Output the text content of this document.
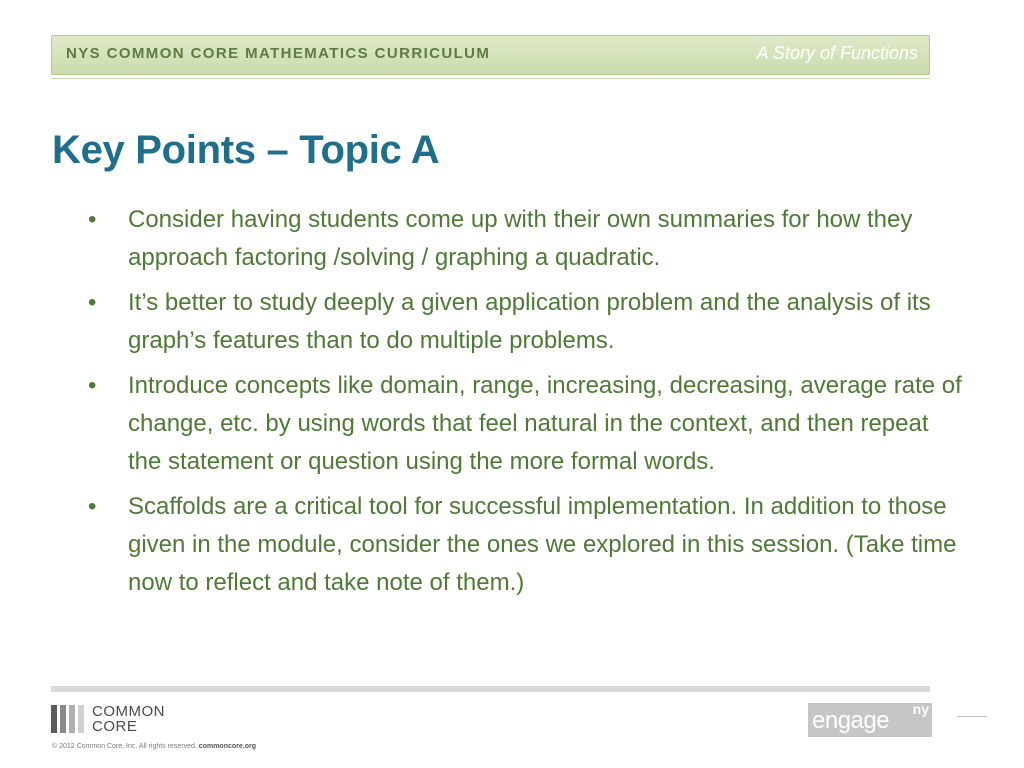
NYS COMMON CORE MATHEMATICS CURRICULUM	A Story of Functions
Key Points – Topic A
•	Consider having students come up with their own summaries for how they approach factoring /solving / graphing a quadratic.
•	It’s better to study deeply a given application problem and the analysis of its graph’s features than to do multiple problems.
•	Introduce concepts like domain, range, increasing, decreasing, average rate of change, etc. by using words that feel natural in the context, and then repeat the statement or question using the more formal words.
•	Scaffolds are a critical tool for successful implementation. In addition to those given in the module, consider the ones we explored in this session. (Take time now to reflect and take note of them.)
COMMON
CORE
© 2012 Common Core, Inc. All rights reserved. commoncore.org
engage ny
